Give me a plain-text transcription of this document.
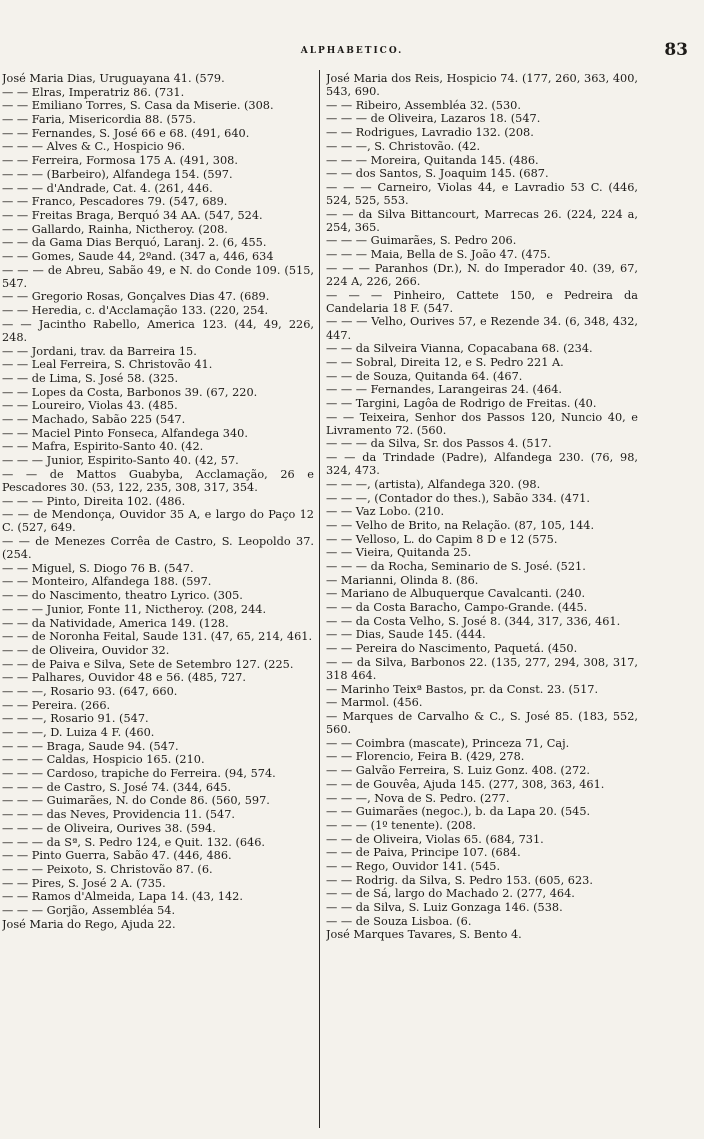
ALPHABETICO.	83
José Maria Dias, Uruguayana 41. (579.
— — Elras, Imperatriz 86. (731.
— — Emiliano Torres, S. Casa da Miserie. (308.
— — Faria, Misericordia 88. (575.
— — Fernandes, S. José 66 e 68. (491, 640.
— — — Alves & C., Hospicio 96.
— — Ferreira, Formosa 175 A. (491, 308.
— — — (Barbeiro), Alfandega 154. (597.
— — — d'Andrade, Cat. 4. (261, 446.
— — Franco, Pescadores 79. (547, 689.
— — Freitas Braga, Berquó 34 AA. (547, 524.
— — Gallardo, Rainha, Nictheroy. (208.
— — da Gama Dias Berquó, Laranj. 2. (6, 455.
— — Gomes, Saude 44, 2ºand. (347 a, 446, 634
— — — de Abreu, Sabão 49, e N. do Conde 109. (515, 547.
— — Gregorio Rosas, Gonçalves Dias 47. (689.
— — Heredia, c. d'Acclamação 133. (220, 254.
— — Jacintho Rabello, America 123. (44, 49, 226, 248.
— — Jordani, trav. da Barreira 15.
— — Leal Ferreira, S. Christovão 41.
— — de Lima, S. José 58. (325.
— — Lopes da Costa, Barbonos 39. (67, 220.
— — Loureiro, Violas 43. (485.
— — Machado, Sabão 225 (547.
— — Maciel Pinto Fonseca, Alfandega 340.
— — Mafra, Espirito-Santo 40. (42.
— — — Junior, Espirito-Santo 40. (42, 57.
— — de Mattos Guabyba, Acclamação, 26 e Pescadores 30. (53, 122, 235, 308, 317, 354.
— — — Pinto, Direita 102. (486.
— — de Mendonça, Ouvidor 35 A, e largo do Paço 12 C. (527, 649.
— — de Menezes Corrêa de Castro, S. Leopoldo 37. (254.
— — Miguel, S. Diogo 76 B. (547.
— — Monteiro, Alfandega 188. (597.
— — do Nascimento, theatro Lyrico. (305.
— — — Junior, Fonte 11, Nictheroy. (208, 244.
— — da Natividade, America 149. (128.
— — de Noronha Feital, Saude 131. (47, 65, 214, 461.
— — de Oliveira, Ouvidor 32.
— — de Paiva e Silva, Sete de Setembro 127. (225.
— — Palhares, Ouvidor 48 e 56. (485, 727.
— — —, Rosario 93. (647, 660.
— — Pereira. (266.
— — —, Rosario 91. (547.
— — —, D. Luiza 4 F. (460.
— — — Braga, Saude 94. (547.
— — — Caldas, Hospicio 165. (210.
— — — Cardoso, trapiche do Ferreira. (94, 574.
— — — de Castro, S. José 74. (344, 645.
— — — Guimarães, N. do Conde 86. (560, 597.
— — — das Neves, Providencia 11. (547.
— — — de Oliveira, Ourives 38. (594.
— — — da Sª, S. Pedro 124, e Quit. 132. (646.
— — Pinto Guerra, Sabão 47. (446, 486.
— — — Peixoto, S. Christovão 87. (6.
— — Pires, S. José 2 A. (735.
— — Ramos d'Almeida, Lapa 14. (43, 142.
— — — Gorjão, Assembléa 54.
José Maria do Rego, Ajuda 22.
José Maria dos Reis, Hospicio 74. (177, 260, 363, 400, 543, 690.
— — Ribeiro, Assembléa 32. (530.
— — — de Oliveira, Lazaros 18. (547.
— — Rodrigues, Lavradio 132. (208.
— — —, S. Christovão. (42.
— — — Moreira, Quitanda 145. (486.
— — dos Santos, S. Joaquim 145. (687.
— — — Carneiro, Violas 44, e Lavradio 53 C. (446, 524, 525, 553.
— — da Silva Bittancourt, Marrecas 26. (224, 224 a, 254, 365.
— — — Guimarães, S. Pedro 206.
— — — Maia, Bella de S. João 47. (475.
— — — Paranhos (Dr.), N. do Imperador 40. (39, 67, 224 A, 226, 266.
— — — Pinheiro, Cattete 150, e Pedreira da Candelaria 18 F. (547.
— — — Velho, Ourives 57, e Rezende 34. (6, 348, 432, 447.
— — da Silveira Vianna, Copacabana 68. (234.
— — Sobral, Direita 12, e S. Pedro 221 A.
— — de Souza, Quitanda 64. (467.
— — — Fernandes, Larangeiras 24. (464.
— — Targini, Lagôa de Rodrigo de Freitas. (40.
— — Teixeira, Senhor dos Passos 120, Nuncio 40, e Livramento 72. (560.
— — — da Silva, Sr. dos Passos 4. (517.
— — da Trindade (Padre), Alfandega 230. (76, 98, 324, 473.
— — —, (artista), Alfandega 320. (98.
— — —, (Contador do thes.), Sabão 334. (471.
— — Vaz Lobo. (210.
— — Velho de Brito, na Relação. (87, 105, 144.
— — Velloso, L. do Capim 8 D e 12 (575.
— — Vieira, Quitanda 25.
— — — da Rocha, Seminario de S. José. (521.
— Marianni, Olinda 8. (86.
— Mariano de Albuquerque Cavalcanti. (240.
— — da Costa Baracho, Campo-Grande. (445.
— — da Costa Velho, S. José 8. (344, 317, 336, 461.
— — Dias, Saude 145. (444.
— — Pereira do Nascimento, Paquetá. (450.
— — da Silva, Barbonos 22. (135, 277, 294, 308, 317, 318 464.
— Marinho Teixª Bastos, pr. da Const. 23. (517.
— Marmol. (456.
— Marques de Carvalho & C., S. José 85. (183, 552, 560.
— — Coimbra (mascate), Princeza 71, Caj.
— — Florencio, Feira B. (429, 278.
— — Galvão Ferreira, S. Luiz Gonz. 408. (272.
— — de Gouvêa, Ajuda 145. (277, 308, 363, 461.
— — —, Nova de S. Pedro. (277.
— — Guimarães (negoc.), b. da Lapa 20. (545.
— — — (1º tenente). (208.
— — de Oliveira, Violas 65. (684, 731.
— — de Paiva, Principe 107. (684.
— — Rego, Ouvidor 141. (545.
— — Rodrig. da Silva, S. Pedro 153. (605, 623.
— — de Sá, largo do Machado 2. (277, 464.
— — da Silva, S. Luiz Gonzaga 146. (538.
— — de Souza Lisboa. (6.
José Marques Tavares, S. Bento 4.
